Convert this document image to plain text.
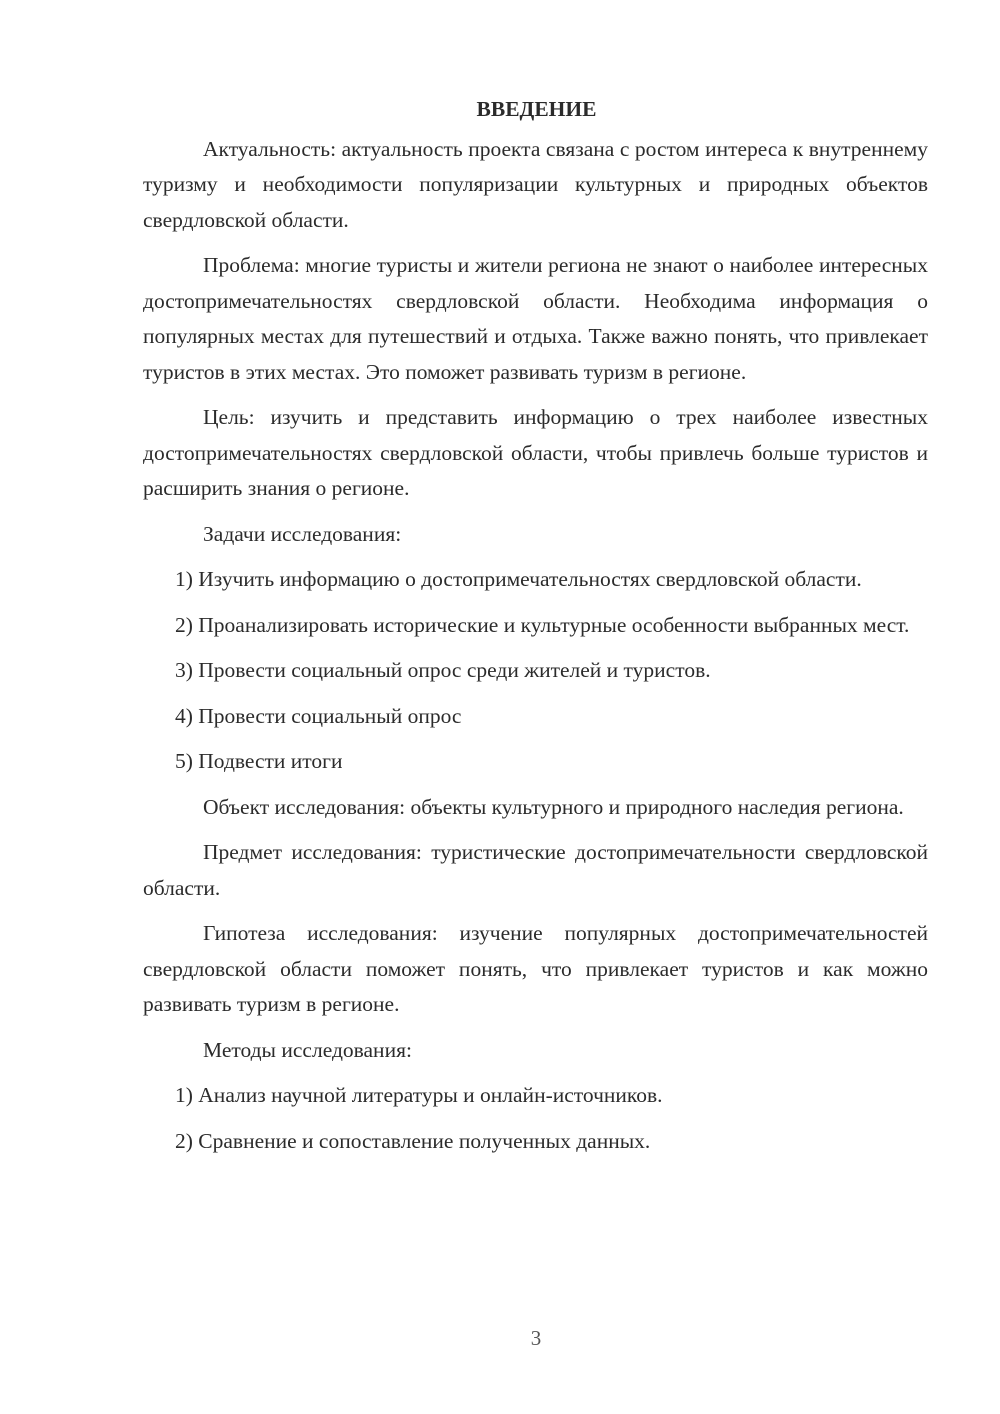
ВВЕДЕНИЕ

Актуальность: актуальность проекта связана с ростом интереса к внутреннему туризму и необходимости популяризации культурных и природных объектов свердловской области.

Проблема: многие туристы и жители региона не знают о наиболее интересных достопримечательностях свердловской области. Необходима информация о популярных местах для путешествий и отдыха. Также важно понять, что привлекает туристов в этих местах. Это поможет развивать туризм в регионе.

Цель: изучить и представить информацию о трех наиболее известных достопримечательностях свердловской области, чтобы привлечь больше туристов и расширить знания о регионе.

Задачи исследования:

1) Изучить информацию о достопримечательностях свердловской области.

2) Проанализировать исторические и культурные особенности выбранных мест.

3) Провести социальный опрос среди жителей и туристов.

4) Провести социальный опрос

5) Подвести итоги

Объект исследования: объекты культурного и природного наследия региона.

Предмет исследования: туристические достопримечательности свердловской области.

Гипотеза исследования: изучение популярных достопримечательностей свердловской области поможет понять, что привлекает туристов и как можно развивать туризм в регионе.

Методы исследования:

1) Анализ научной литературы и онлайн-источников.

2) Сравнение и сопоставление полученных данных.

3
